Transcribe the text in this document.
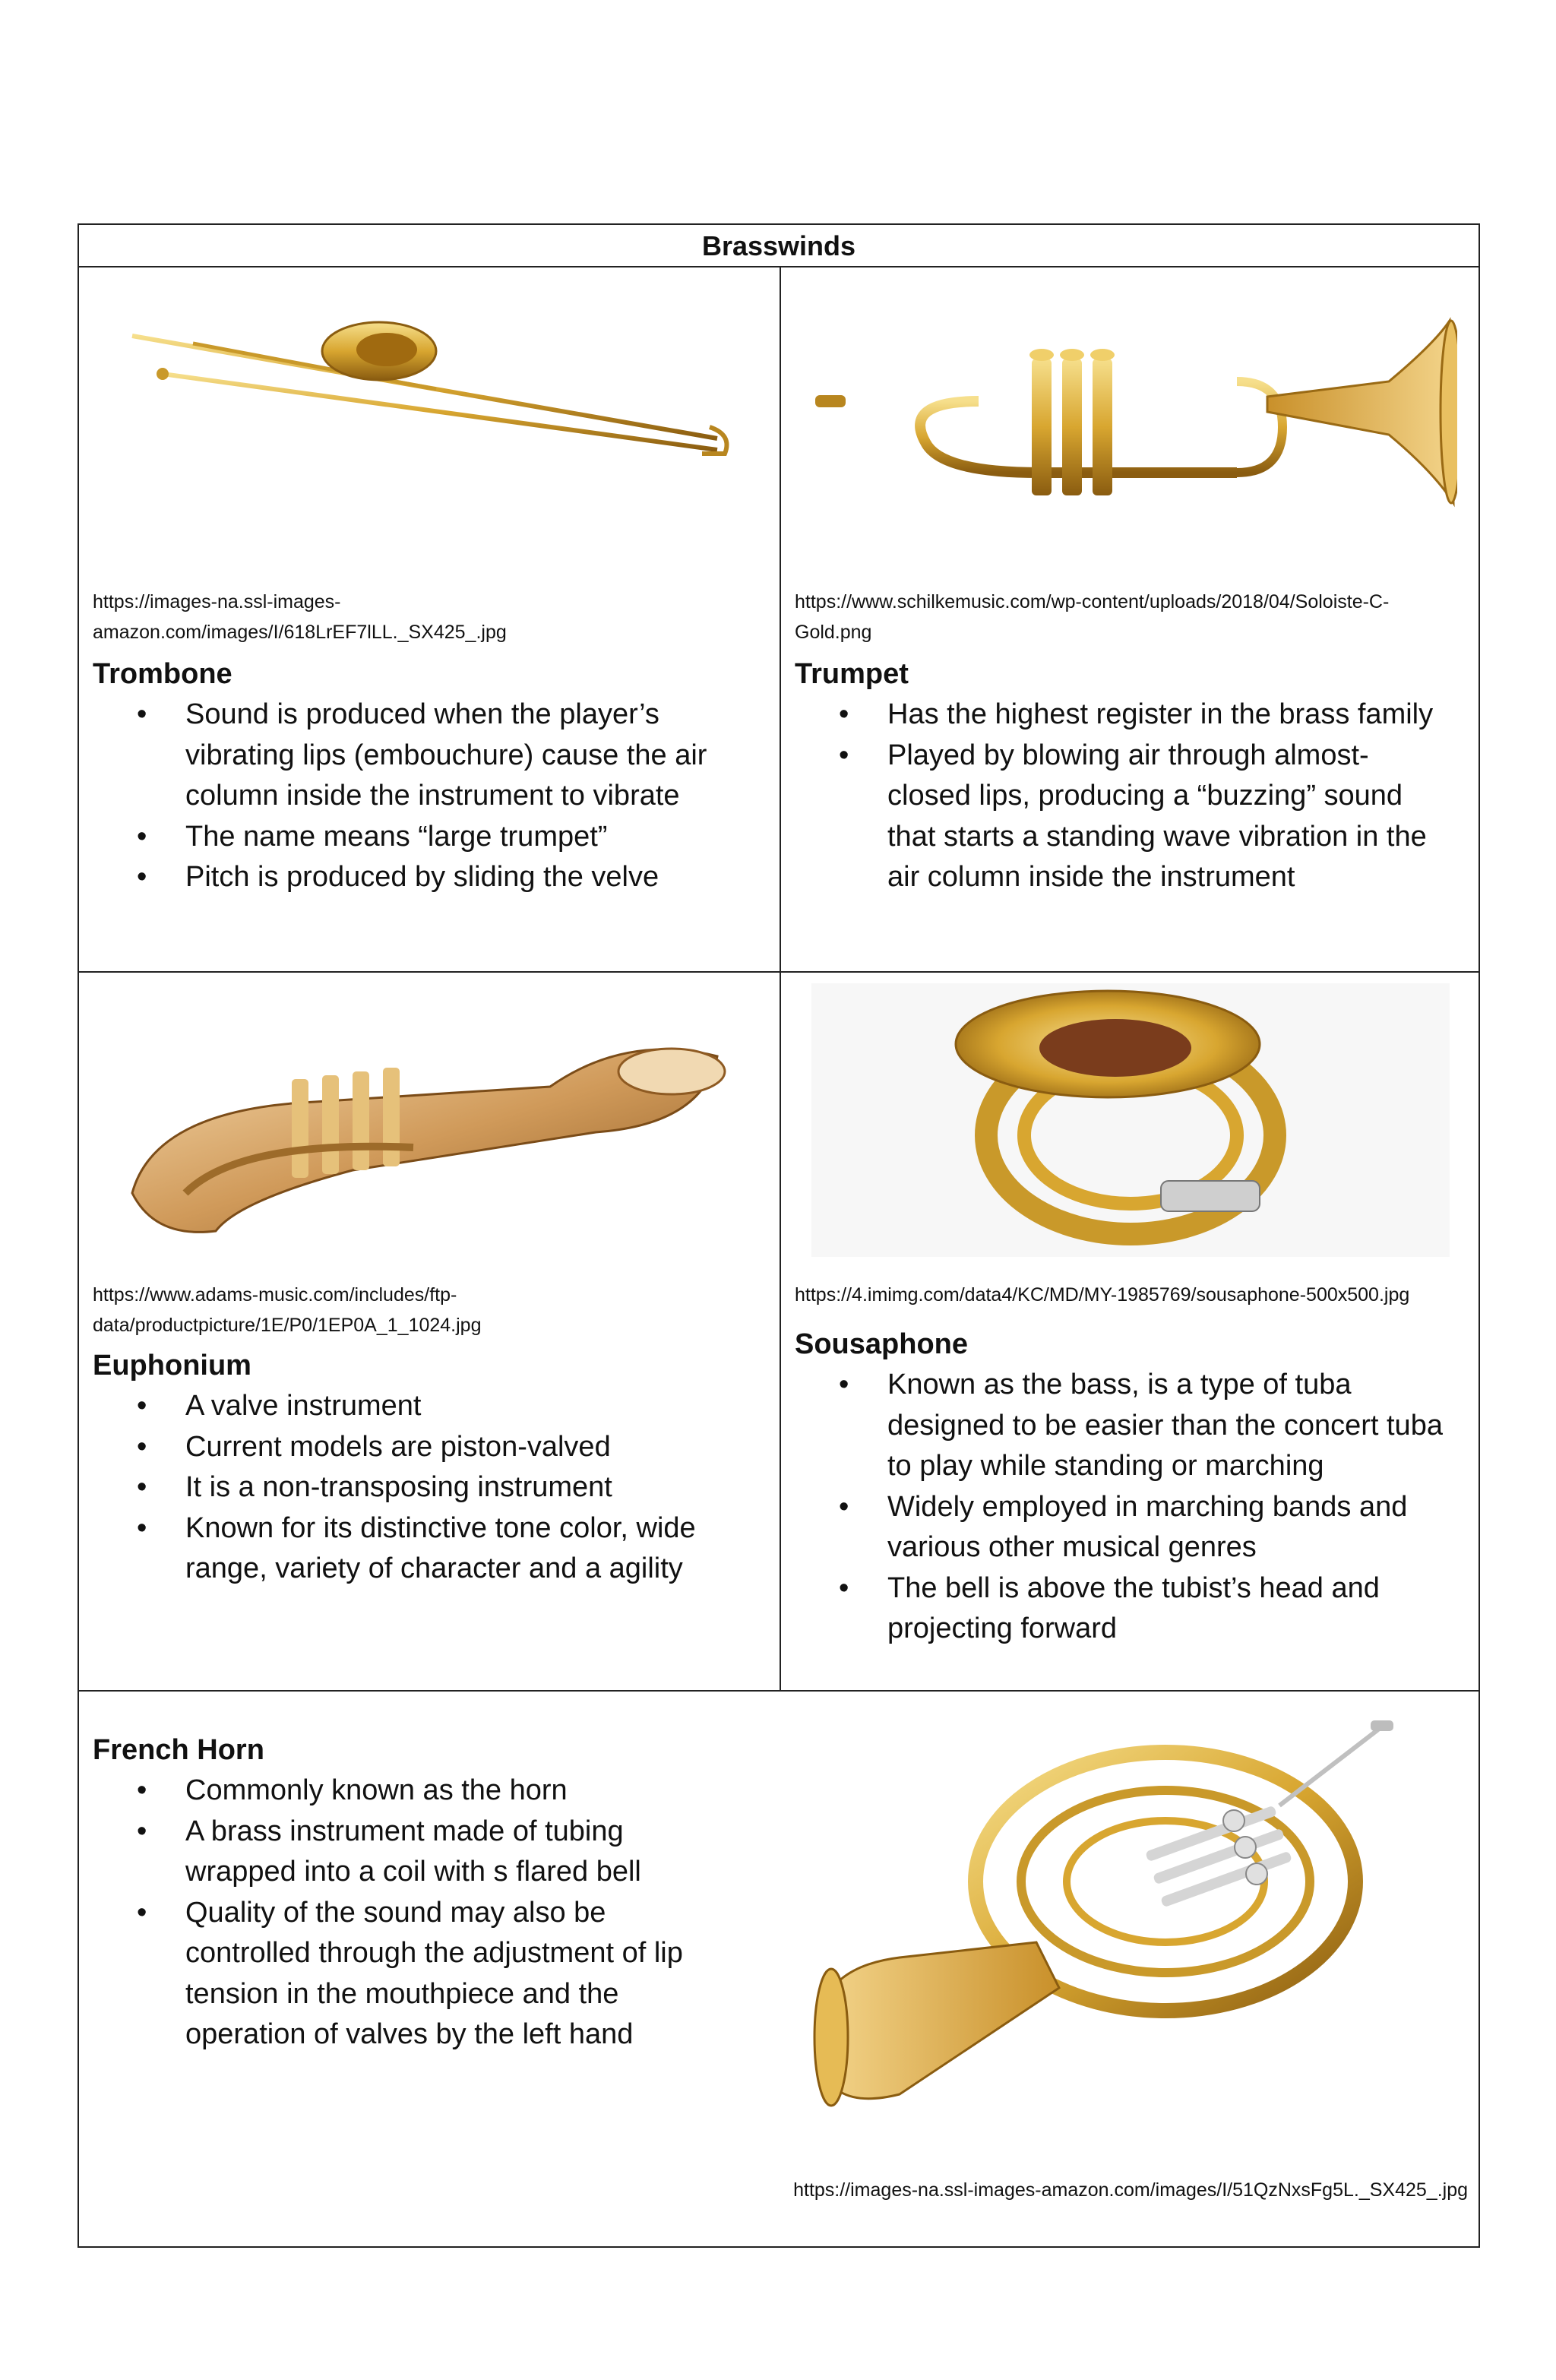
Brasswinds
https://images-na.ssl-images-
amazon.com/images/I/618LrEF7lLL._SX425_.jpg
Trombone
• Sound is produced when the player’s vibrating lips (embouchure) cause the air column inside the instrument to vibrate
• The name means “large trumpet”
• Pitch is produced by sliding the velve
https://www.schilkemusic.com/wp-content/uploads/2018/04/Soloiste-C-
Gold.png
Trumpet
• Has the highest register in the brass family
• Played by blowing air through almost-closed lips, producing a “buzzing” sound that starts a standing wave vibration in the air column inside the instrument
https://www.adams-music.com/includes/ftp-
data/productpicture/1E/P0/1EP0A_1_1024.jpg
Euphonium
• A valve instrument
• Current models are piston-valved
• It is a non-transposing instrument
• Known for its distinctive tone color, wide range, variety of character and a agility
https://4.imimg.com/data4/KC/MD/MY-1985769/sousaphone-500x500.jpg
Sousaphone
• Known as the bass, is a type of tuba designed to be easier than the concert tuba to play while standing or marching
• Widely employed in marching bands and various other musical genres
• The bell is above the tubist’s head and projecting forward
French Horn
• Commonly known as the horn
• A brass instrument made of tubing wrapped into a coil with s flared bell
• Quality of the sound may also be controlled through the adjustment of lip tension in the mouthpiece and the operation of valves by the left hand
https://images-na.ssl-images-amazon.com/images/I/51QzNxsFg5L._SX425_.jpg
